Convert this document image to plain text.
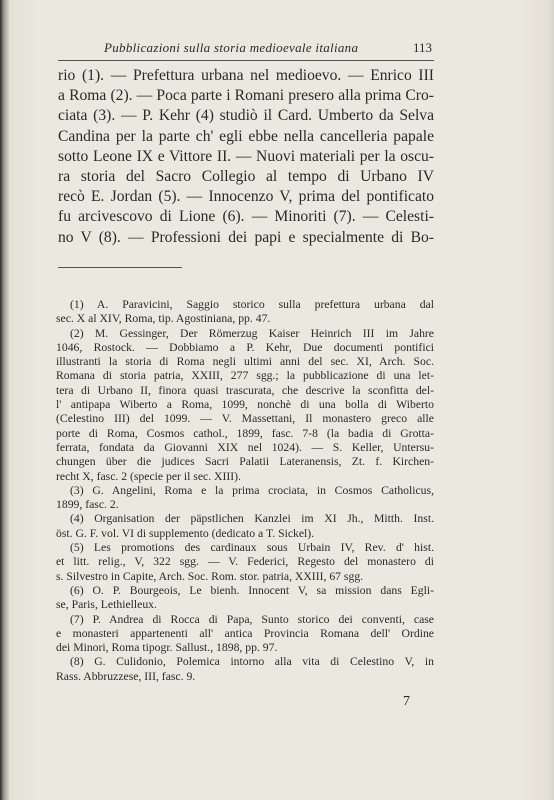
Pubblicazioni sulla storia medioevale italiana	113
rio (1). — Prefettura urbana nel medioevo. — Enrico III
a Roma (2). — Poca parte i Romani presero alla prima Cro-
ciata (3). — P. Kehr (4) studiò il Card. Umberto da Selva
Candina per la parte ch' egli ebbe nella cancelleria papale
sotto Leone IX e Vittore II. — Nuovi materiali per la oscu-
ra storia del Sacro Collegio al tempo di Urbano IV
recò E. Jordan (5). — Innocenzo V, prima del pontificato
fu arcivescovo di Lione (6). — Minoriti (7). — Celesti-
no V (8). — Professioni dei papi e specialmente di Bo-
(1) A. Paravicini, Saggio storico sulla prefettura urbana dal
sec. X al XIV, Roma, tip. Agostiniana, pp. 47.
(2) M. Gessinger, Der Römerzug Kaiser Heinrich III im Jahre
1046, Rostock. — Dobbiamo a P. Kehr, Due documenti pontifici
illustranti la storia di Roma negli ultimi anni del sec. XI, Arch. Soc.
Romana di storia patria, XXIII, 277 sgg.; la pubblicazione di una let-
tera di Urbano II, finora quasi trascurata, che descrive la sconfitta del-
l' antipapa Wiberto a Roma, 1099, nonchè di una bolla di Wiberto
(Celestino III) del 1099. — V. Massettani, Il monastero greco alle
porte di Roma, Cosmos cathol., 1899, fasc. 7-8 (la badia di Grotta-
ferrata, fondata da Giovanni XIX nel 1024). — S. Keller, Untersu-
chungen über die judices Sacri Palatii Lateranensis, Zt. f. Kirchen-
recht X, fasc. 2 (specie per il sec. XIII).
(3) G. Angelini, Roma e la prima crociata, in Cosmos Catholicus,
1899, fasc. 2.
(4) Organisation der päpstlichen Kanzlei im XI Jh., Mitth. Inst.
öst. G. F. vol. VI di supplemento (dedicato a T. Sickel).
(5) Les promotions des cardinaux sous Urbain IV, Rev. d' hist.
et litt. relig., V, 322 sgg. — V. Federici, Regesto del monastero di
s. Silvestro in Capite, Arch. Soc. Rom. stor. patria, XXIII, 67 sgg.
(6) O. P. Bourgeois, Le bienh. Innocent V, sa mission dans Egli-
se, Paris, Lethielleux.
(7) P. Andrea di Rocca di Papa, Sunto storico dei conventi, case
e monasteri appartenenti all' antica Provincia Romana dell' Ordine
dei Minori, Roma tipogr. Sallust., 1898, pp. 97.
(8) G. Culidonio, Polemica intorno alla vita di Celestino V, in
Rass. Abbruzzese, III, fasc. 9.
7
